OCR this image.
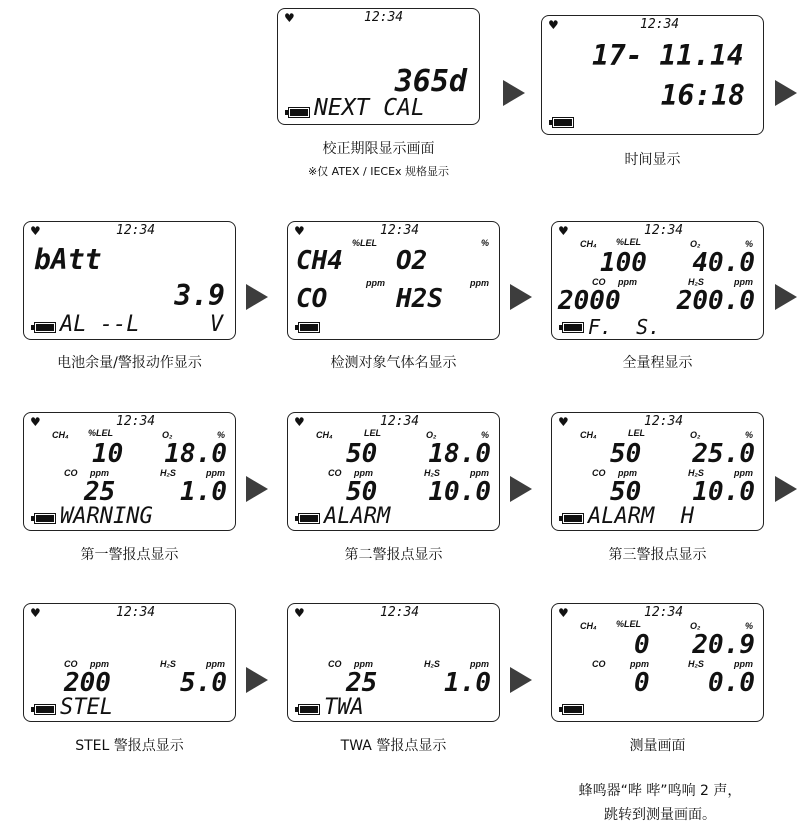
♥	12:34
365d
NEXT CAL
校正期限显示画面
※仅 ATEX / IECEx 规格显示
♥	12:34
17- 11.14
16:18
时间显示
♥	12:34
bAtt
3.9
AL --L	V
电池余量/警报动作显示
♥	12:34
%LEL	%
CH4 O2
ppm	ppm
CO	H2S
检测对象气体名显示
♥	12:34
CH₄ %LEL	O₂	%
100 40.0
CO ppm	H₂S	ppm
2000 200.0
F.  S.
全量程显示
♥	12:34
CH₄ %LEL	O₂	%
10 18.0
CO ppm	H₂S	ppm
25 1.0
WARNING
第一警报点显示
♥	12:34
CH₄	LEL	O₂	%
50 18.0
CO ppm	H₂S	ppm
50 10.0
ALARM
第二警报点显示
♥	12:34
CH₄	LEL	O₂	%
50 25.0
CO ppm	H₂S	ppm
50 10.0
ALARM  H
第三警报点显示
♥	12:34
CO ppm	H₂S	ppm
200	5.0
STEL
STEL 警报点显示
♥	12:34
CO ppm	H₂S	ppm
25	1.0
TWA
TWA 警报点显示
♥	12:34
CH₄ %LEL	O₂	%
0 20.9
CO	ppm	H₂S	ppm
0 0.0
测量画面
蜂鸣器“哔 哔”鸣响 2 声，
跳转到测量画面。
